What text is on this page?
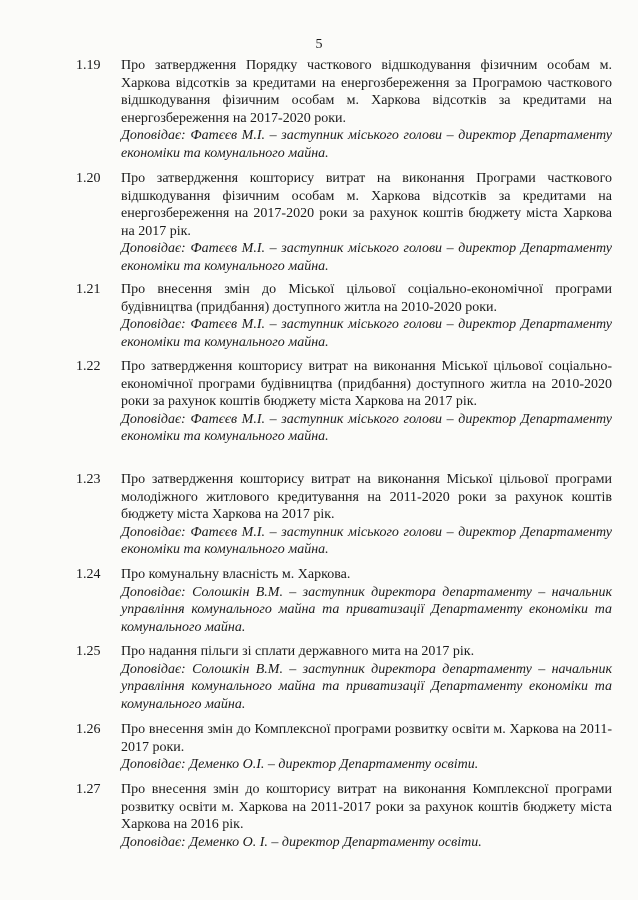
5
1.19	Про затвердження Порядку часткового відшкодування фізичним особам м. Харкова відсотків за кредитами на енергозбереження за Програмою часткового відшкодування фізичним особам м. Харкова відсотків за кредитами на енергозбереження на 2017-2020 роки.
Доповідає: Фатєєв М.І. – заступник міського голови – директор Департаменту економіки та комунального майна.
1.20	Про затвердження кошторису витрат на виконання Програми часткового відшкодування фізичним особам м. Харкова відсотків за кредитами на енергозбереження на 2017-2020 роки за рахунок коштів бюджету міста Харкова на 2017 рік.
Доповідає: Фатєєв М.І. – заступник міського голови – директор Департаменту економіки та комунального майна.
1.21	Про внесення змін до Міської цільової соціально-економічної програми будівництва (придбання) доступного житла на 2010-2020 роки.
Доповідає: Фатєєв М.І. – заступник міського голови – директор Департаменту економіки та комунального майна.
1.22	Про затвердження кошторису витрат на виконання Міської цільової соціально-економічної програми будівництва (придбання) доступного житла на 2010-2020 роки за рахунок коштів бюджету міста Харкова на 2017 рік.
Доповідає: Фатєєв М.І. – заступник міського голови – директор Департаменту економіки та комунального майна.
1.23	Про затвердження кошторису витрат на виконання Міської цільової програми молодіжного житлового кредитування на 2011-2020 роки за рахунок коштів бюджету міста Харкова на 2017 рік.
Доповідає: Фатєєв М.І. – заступник міського голови – директор Департаменту економіки та комунального майна.
1.24	Про комунальну власність м. Харкова.
Доповідає: Солошкін В.М. – заступник директора департаменту – начальник управління комунального майна та приватизації Департаменту економіки та комунального майна.
1.25	Про надання пільги зі сплати державного мита на 2017 рік.
Доповідає: Солошкін В.М. – заступник директора департаменту – начальник управління комунального майна та приватизації Департаменту економіки та комунального майна.
1.26	Про внесення змін до Комплексної програми розвитку освіти м. Харкова на 2011-2017 роки.
Доповідає: Деменко О.І. – директор Департаменту освіти.
1.27	Про внесення змін до кошторису витрат на виконання Комплексної програми розвитку освіти м. Харкова на 2011-2017 роки за рахунок коштів бюджету міста Харкова на 2016 рік.
Доповідає: Деменко О. І. – директор Департаменту освіти.
